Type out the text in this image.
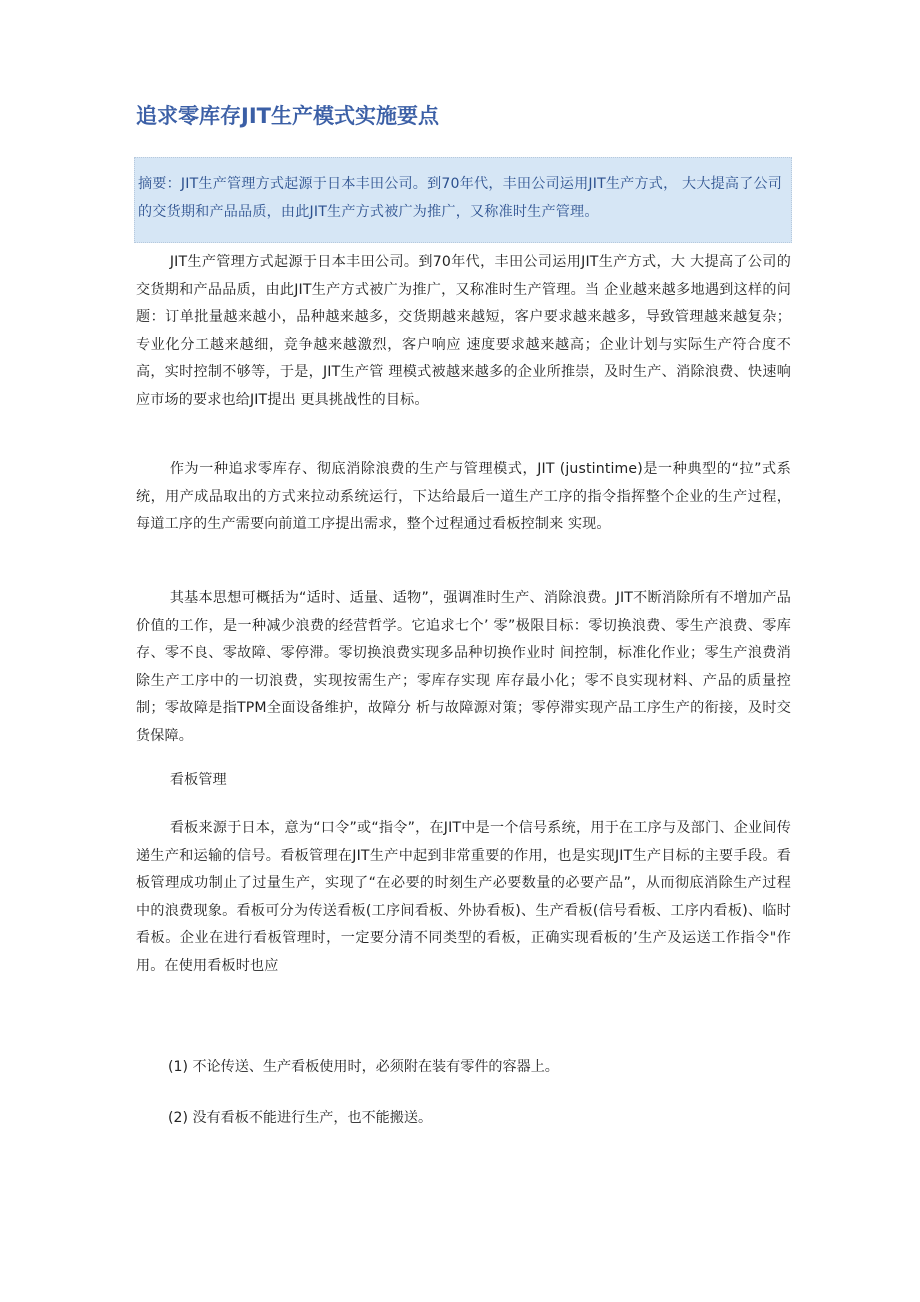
追求零库存JIT生产模式实施要点
摘要：JIT生产管理方式起源于日本丰田公司。到70年代，丰田公司运用JIT生产方式， 大大提高了公司的交货期和产品品质，由此JIT生产方式被广为推广，又称准时生产管理。

JIT生产管理方式起源于日本丰田公司。到70年代，丰田公司运用JIT生产方式，大 大提高了公司的交货期和产品品质，由此JIT生产方式被广为推广，又称准时生产管理。当 企业越来越多地遇到这样的问题：订单批量越来越小，品种越来越多，交货期越来越短，客户要求越来越多，导致管理越来越复杂；专业化分工越来越细，竞争越来越激烈，客户响应 速度要求越来越高；企业计划与实际生产符合度不高，实时控制不够等，于是，JIT生产管 理模式被越来越多的企业所推崇，及时生产、消除浪费、快速响应市场的要求也给JIT提出 更具挑战性的目标。

作为一种追求零库存、彻底消除浪费的生产与管理模式，JIT (justintime)是一种典型的“拉”式系统，用产成品取出的方式来拉动系统运行，下达给最后一道生产工序的指令指挥整个企业的生产过程，每道工序的生产需要向前道工序提出需求，整个过程通过看板控制来 实现。

其基本思想可概括为“适时、适量、适物”，强调准时生产、消除浪费。JIT不断消除所有不增加产品价值的工作，是一种减少浪费的经营哲学。它追求七个’ 零”极限目标：零切换浪费、零生产浪费、零库存、零不良、零故障、零停滞。零切换浪费实现多品种切换作业时 间控制，标准化作业；零生产浪费消除生产工序中的一切浪费，实现按需生产；零库存实现 库存最小化；零不良实现材料、产品的质量控制；零故障是指TPM全面设备维护，故障分 析与故障源对策；零停滞实现产品工序生产的衔接，及时交货保障。

看板管理

看板来源于日本，意为“口令”或“指令”，在JIT中是一个信号系统，用于在工序与及部门、企业间传递生产和运输的信号。看板管理在JIT生产中起到非常重要的作用，也是实现JIT生产目标的主要手段。看板管理成功制止了过量生产，实现了“在必要的时刻生产必要数量的必要产品”，从而彻底消除生产过程中的浪费现象。看板可分为传送看板(工序间看板、外协看板)、生产看板(信号看板、工序内看板)、临时看板。企业在进行看板管理时，一定要分清不同类型的看板，正确实现看板的’生产及运送工作指令"作用。在使用看板时也应

(1) 不论传送、生产看板使用时，必须附在装有零件的容器上。

(2) 没有看板不能进行生产，也不能搬送。
